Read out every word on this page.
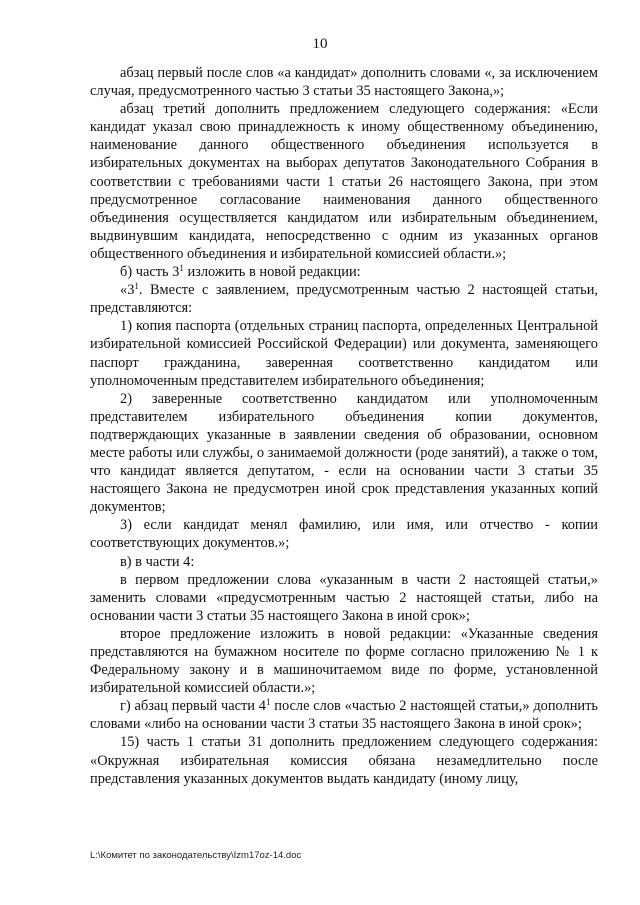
10

абзац первый после слов «а кандидат» дополнить словами «, за исключением случая, предусмотренного частью 3 статьи 35 настоящего Закона,»;

абзац третий дополнить предложением следующего содержания: «Если кандидат указал свою принадлежность к иному общественному объединению, наименование данного общественного объединения используется в избирательных документах на выборах депутатов Законодательного Собрания в соответствии с требованиями части 1 статьи 26 настоящего Закона, при этом предусмотренное согласование наименования данного общественного объединения осуществляется кандидатом или избирательным объединением, выдвинувшим кандидата, непосредственно с одним из указанных органов общественного объединения и избирательной комиссией области.»;

б) часть $3^1$ изложить в новой редакции:

«$3^1$. Вместе с заявлением, предусмотренным частью 2 настоящей статьи, представляются:

1) копия паспорта (отдельных страниц паспорта, определенных Центральной избирательной комиссией Российской Федерации) или документа, заменяющего паспорт гражданина, заверенная соответственно кандидатом или уполномоченным представителем избирательного объединения;

2) заверенные соответственно кандидатом или уполномоченным представителем избирательного объединения копии документов, подтверждающих указанные в заявлении сведения об образовании, основном месте работы или службы, о занимаемой должности (роде занятий), а также о том, что кандидат является депутатом, - если на основании части 3 статьи 35 настоящего Закона не предусмотрен иной срок представления указанных копий документов;

3) если кандидат менял фамилию, или имя, или отчество - копии соответствующих документов.»;

в) в части 4:

в первом предложении слова «указанным в части 2 настоящей статьи,» заменить словами «предусмотренным частью 2 настоящей статьи, либо на основании части 3 статьи 35 настоящего Закона в иной срок»;

второе предложение изложить в новой редакции: «Указанные сведения представляются на бумажном носителе по форме согласно приложению № 1 к Федеральному закону и в машиночитаемом виде по форме, установленной избирательной комиссией области.»;

г) абзац первый части $4^1$ после слов «частью 2 настоящей статьи,» дополнить словами «либо на основании части 3 статьи 35 настоящего Закона в иной срок»;

15) часть 1 статьи 31 дополнить предложением следующего содержания: «Окружная избирательная комиссия обязана незамедлительно после представления указанных документов выдать кандидату (иному лицу,

L:\Комитет по законодательству\Izm17oz-14.doc
